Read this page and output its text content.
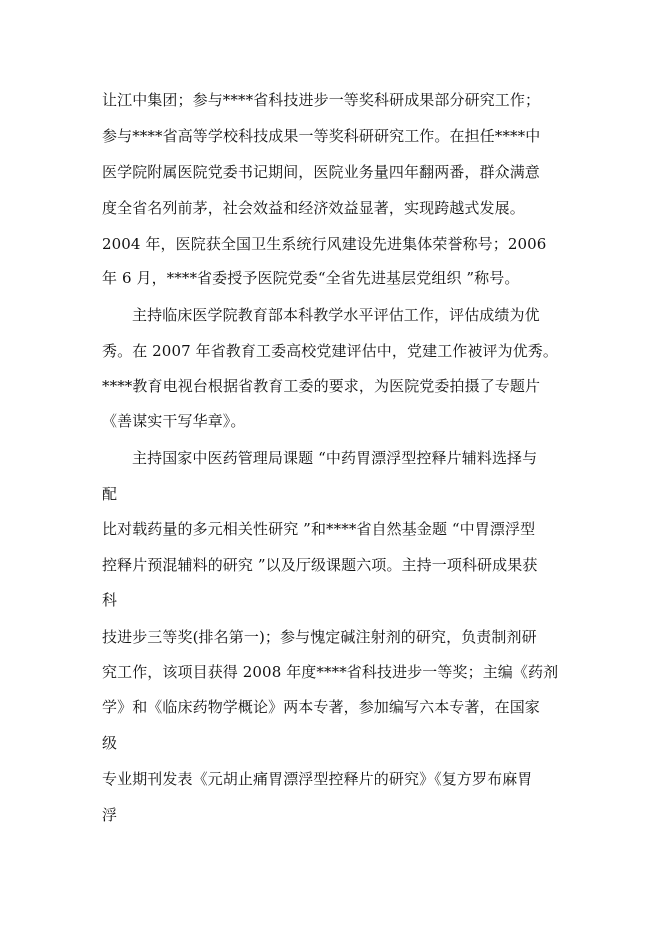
让江中集团；参与****省科技进步一等奖科研成果部分研究工作；
参与****省高等学校科技成果一等奖科研研究工作。在担任****中
医学院附属医院党委书记期间，医院业务量四年翻两番，群众满意
度全省名列前茅，社会效益和经济效益显著，实现跨越式发展。
2004 年，医院获全国卫生系统行风建设先进集体荣誉称号；2006
年 6 月，****省委授予医院党委“全省先进基层党组织 ”称号。
主持临床医学院教育部本科教学水平评估工作，评估成绩为优
秀。在 2007 年省教育工委高校党建评估中，党建工作被评为优秀。
****教育电视台根据省教育工委的要求，为医院党委拍摄了专题片
《善谋实干写华章》。
主持国家中医药管理局课题 “中药胃漂浮型控释片辅料选择与
配
比对载药量的多元相关性研究 ”和****省自然基金题 “中胃漂浮型
控释片预混辅料的研究 ”以及厅级课题六项。主持一项科研成果获
科
技进步三等奖(排名第一)；参与愧定碱注射剂的研究，负责制剂研
究工作，该项目获得 2008 年度****省科技进步一等奖；主编《药剂
学》和《临床药物学概论》两本专著，参加编写六本专著，在国家
级
专业期刊发表《元胡止痛胃漂浮型控释片的研究》《复方罗布麻胃
浮
